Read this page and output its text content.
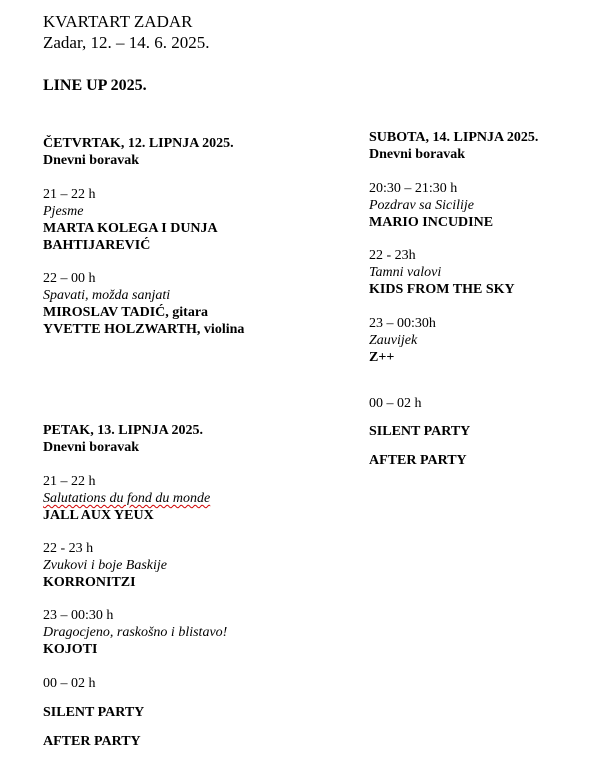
KVARTART ZADAR
Zadar, 12. – 14. 6. 2025.
LINE UP 2025.
ČETVRTAK, 12. LIPNJA 2025.
Dnevni boravak
21 – 22 h
Pjesme
MARTA KOLEGA I DUNJA
BAHTIJAREVIĆ
22 – 00 h
Spavati, možda sanjati
MIROSLAV TADIĆ, gitara
YVETTE HOLZWARTH, violina
PETAK, 13. LIPNJA 2025.
Dnevni boravak
21 – 22 h
Salutations du fond du monde
JALL AUX YEUX
22 - 23 h
Zvukovi i boje Baskije
KORRONITZI
23 – 00:30 h
Dragocjeno, raskošno i blistavo!
KOJOTI
00 – 02 h
SILENT PARTY
AFTER PARTY
SUBOTA, 14. LIPNJA 2025.
Dnevni boravak
20:30 – 21:30 h
Pozdrav sa Sicilije
MARIO INCUDINE
22 - 23h
Tamni valovi
KIDS FROM THE SKY
23 – 00:30h
Zauvijek
Z++
00 – 02 h
SILENT PARTY
AFTER PARTY
